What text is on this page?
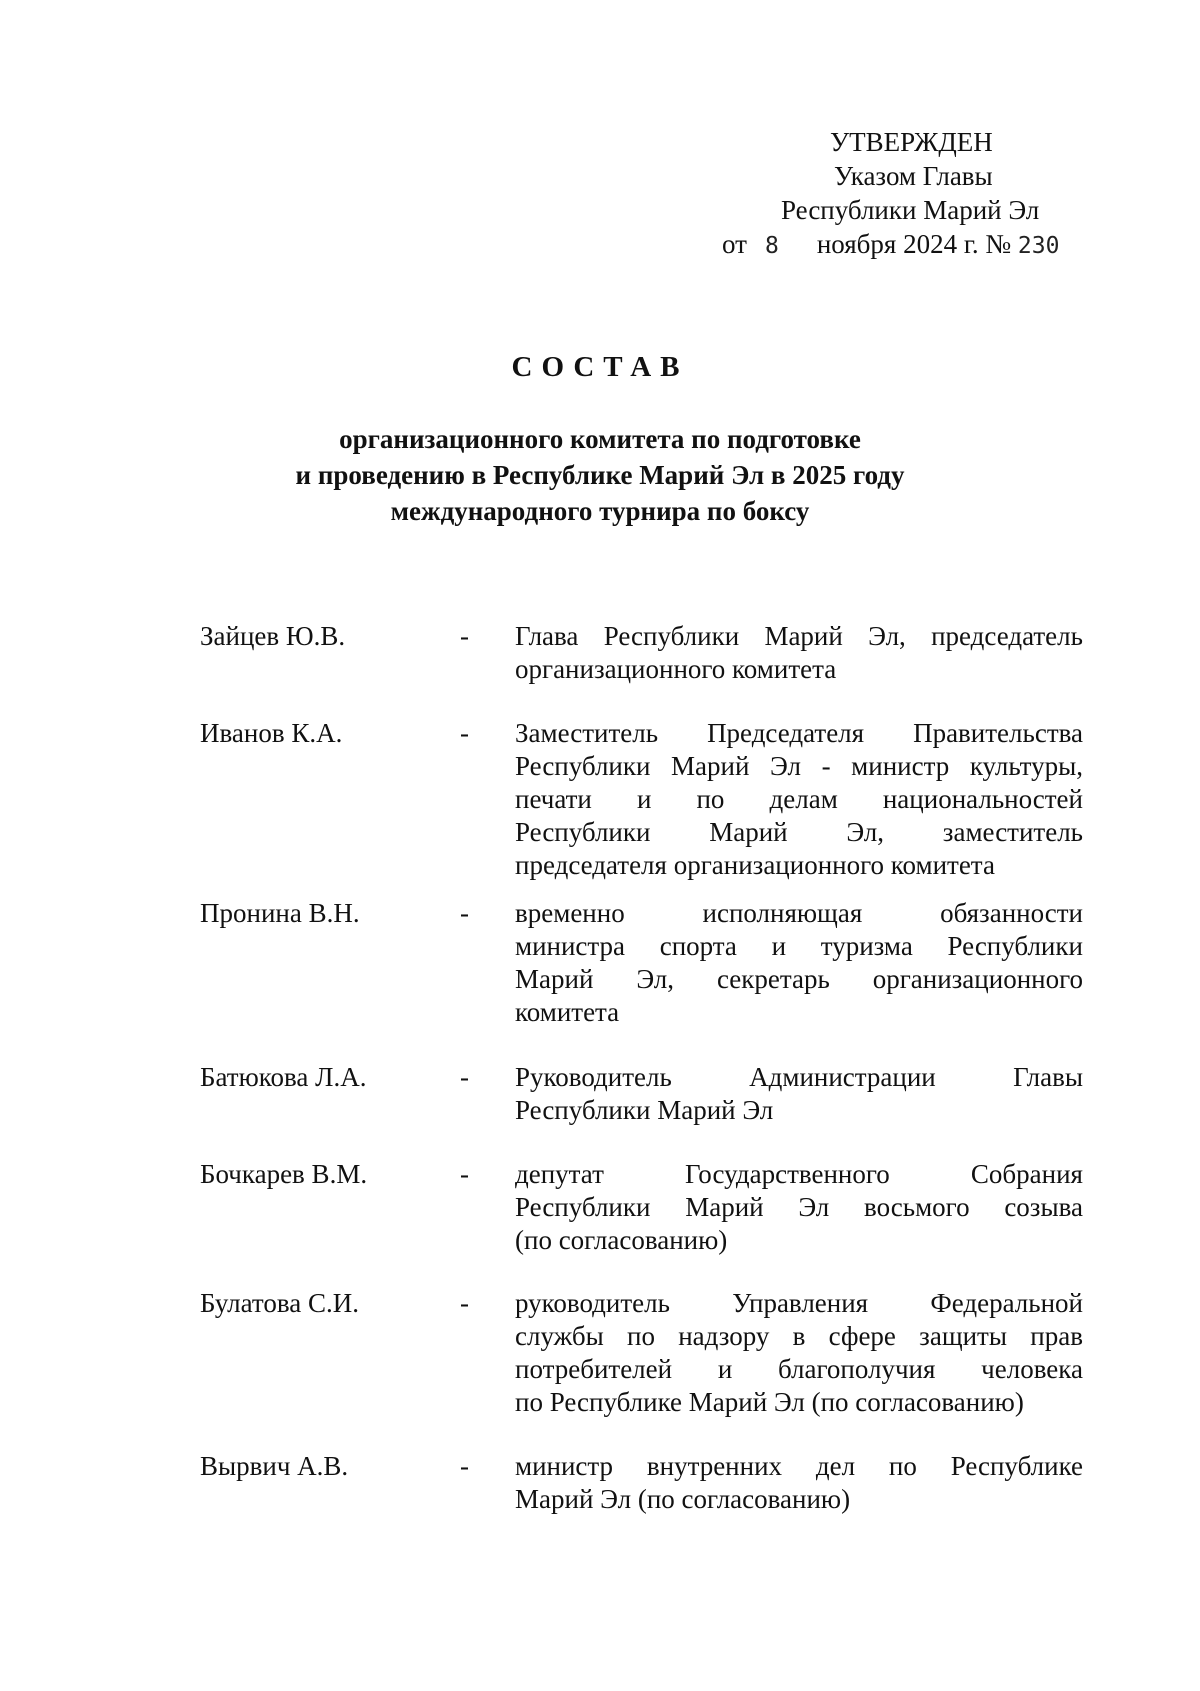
УТВЕРЖДЕН
Указом Главы
Республики Марий Эл
от 8 ноября 2024 г. № 230
СОСТАВ
организационного комитета по подготовке
и проведению в Республике Марий Эл в 2025 году
международного турнира по боксу
Зайцев Ю.В.	- Глава Республики Марий Эл, председатель
организационного комитета
Иванов К.А.	- Заместитель Председателя Правительства
Республики Марий Эл - министр культуры,
печати и по делам национальностей
Республики Марий Эл, заместитель
председателя организационного комитета
Пронина В.Н.	- временно	исполняющая	обязанности
министра спорта и туризма Республики
Марий Эл, секретарь организационного
комитета
Батюкова Л.А.	- Руководитель	Администрации	Главы
Республики Марий Эл
Бочкарев В.М.	- депутат	Государственного	Собрания
Республики Марий Эл восьмого созыва
(по согласованию)
Булатова С.И.	- руководитель Управления Федеральной
службы по надзору в сфере защиты прав
потребителей и благополучия человека
по Республике Марий Эл (по согласованию)
Вырвич А.В.	- министр внутренних дел по Республике
Марий Эл (по согласованию)
